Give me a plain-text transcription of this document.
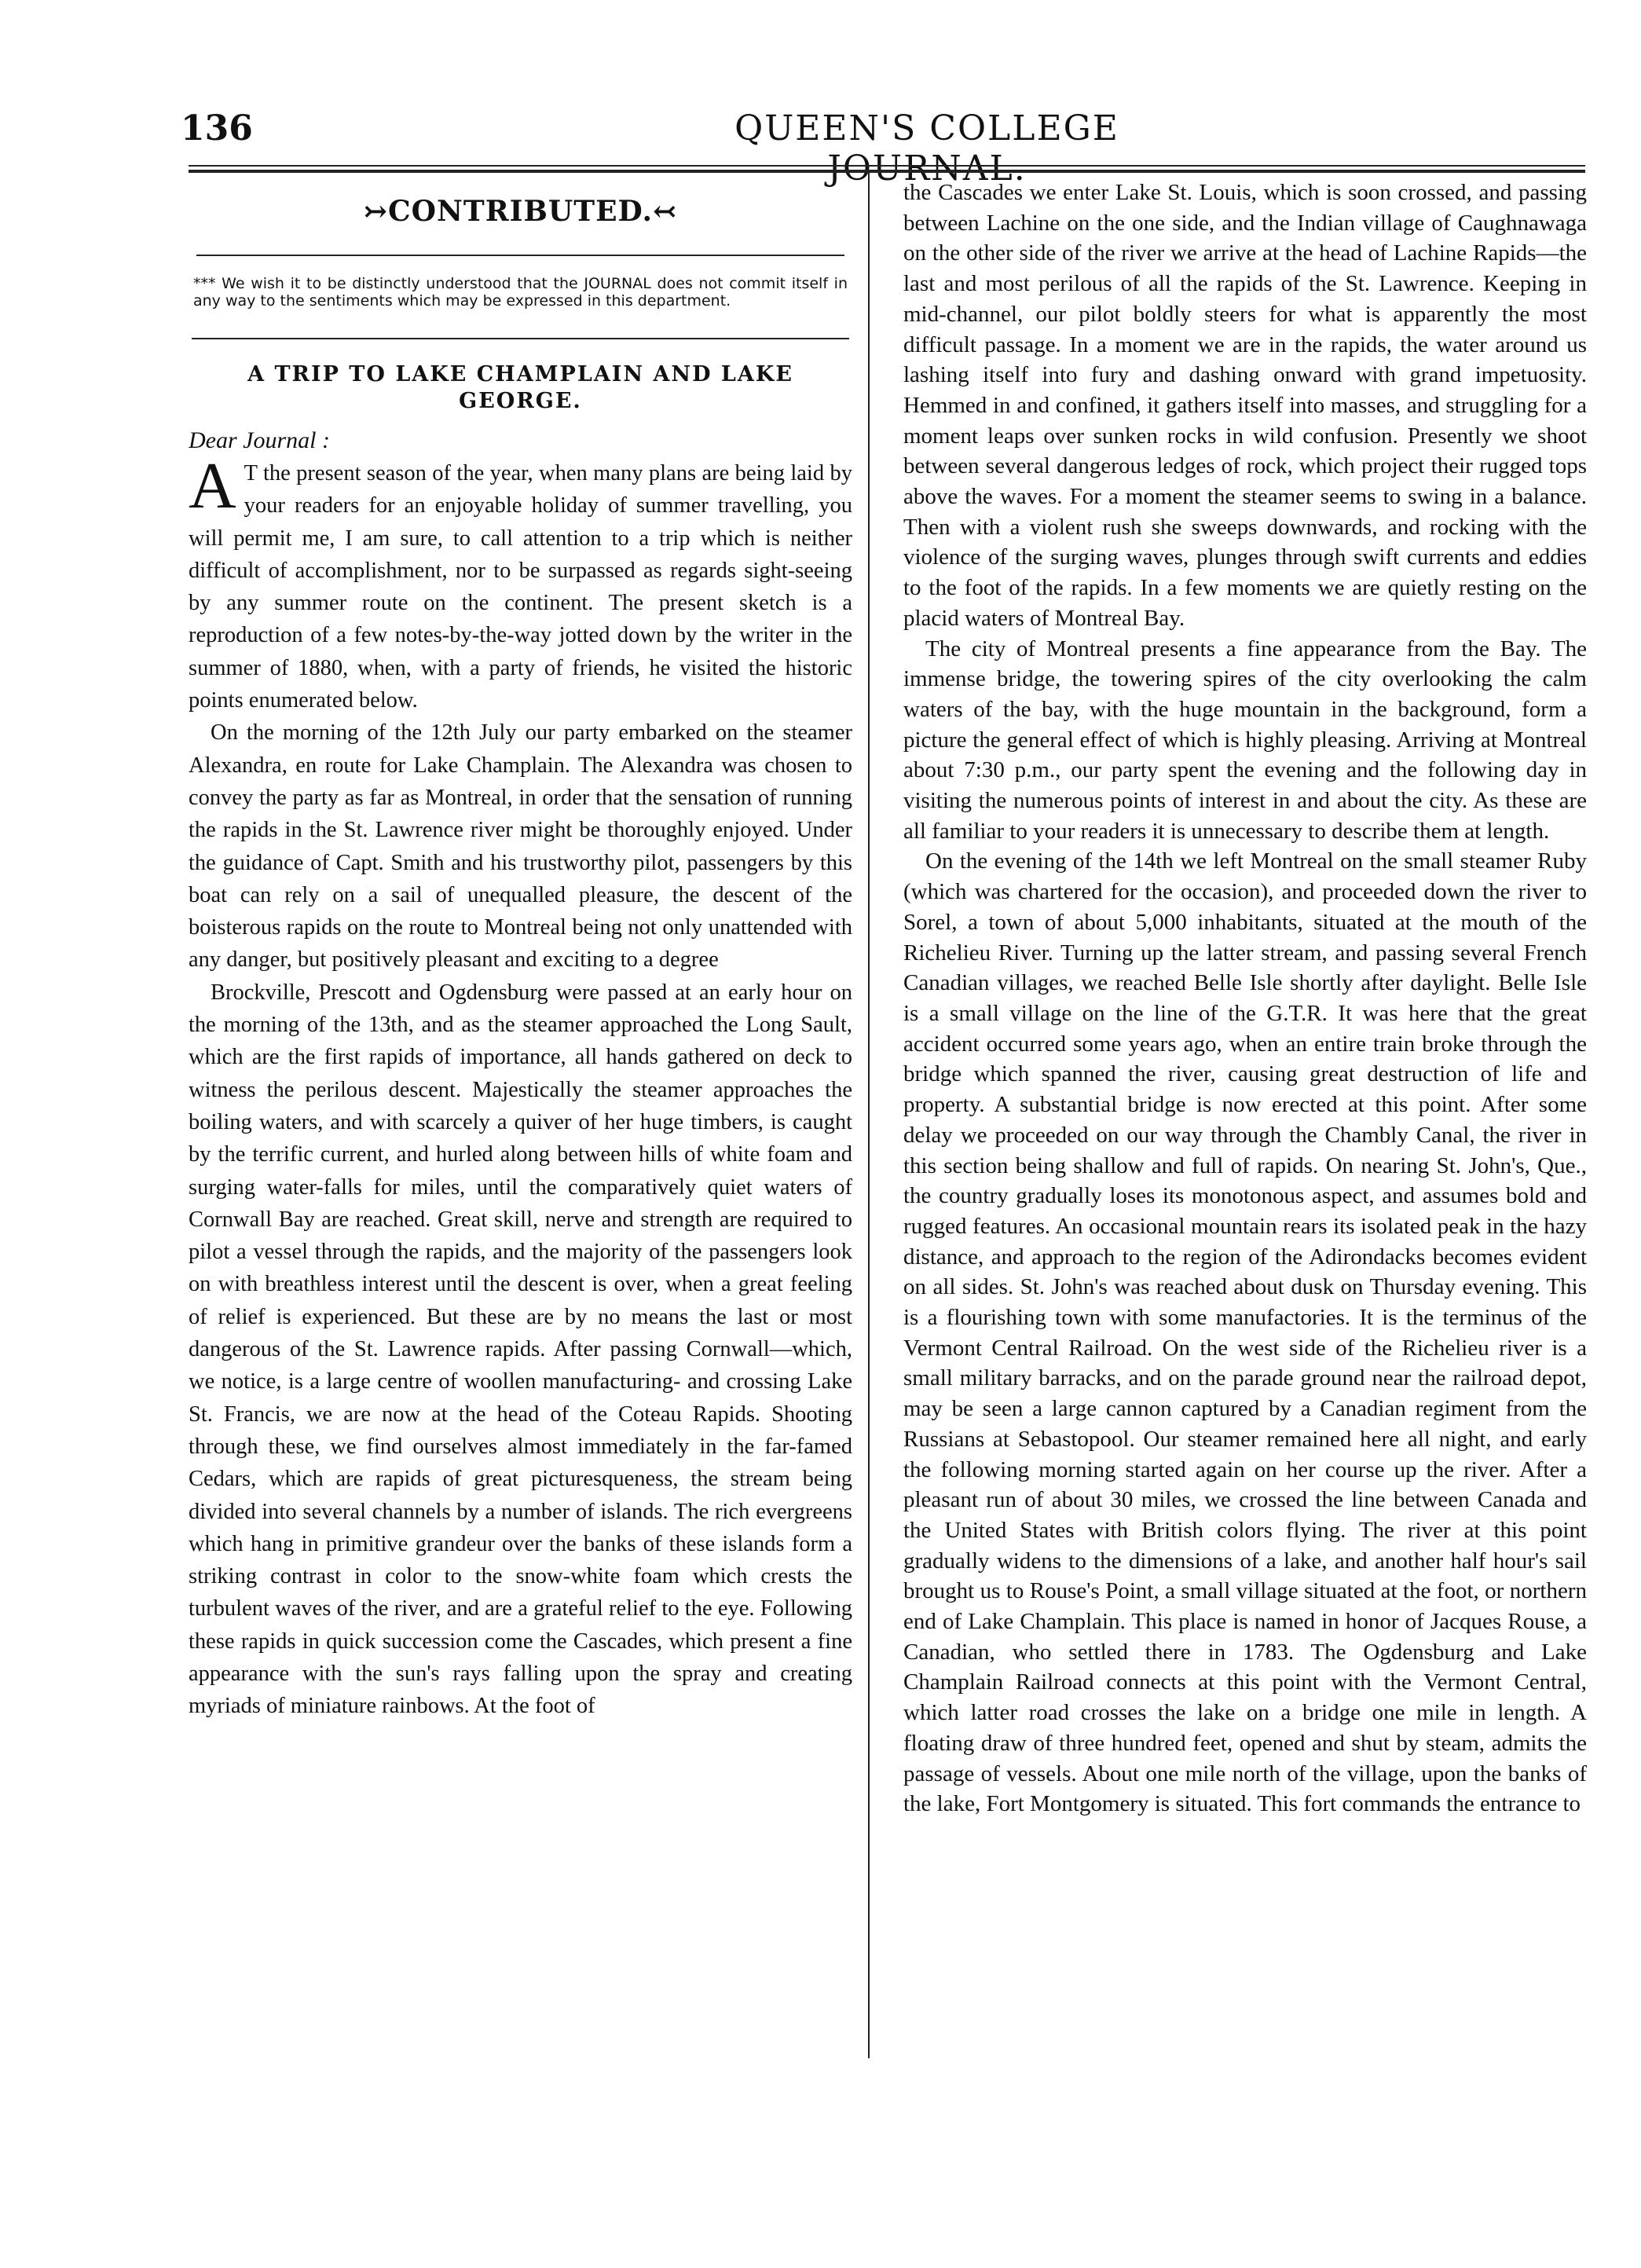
136	QUEEN'S COLLEGE JOURNAL.
↣CONTRIBUTED.↢
*** We wish it to be distinctly understood that the JOURNAL does not commit itself in any way to the sentiments which may be expressed in this department.
A TRIP TO LAKE CHAMPLAIN AND LAKE GEORGE.
Dear Journal :

A T the present season of the year, when many plans are being laid by your readers for an enjoyable holiday of summer travelling, you will permit me, I am sure, to call attention to a trip which is neither difficult of accomplishment, nor to be surpassed as regards sight-seeing by any summer route on the continent. The present sketch is a reproduction of a few notes-by-the-way jotted down by the writer in the summer of 1880, when, with a party of friends, he visited the historic points enumerated below.

On the morning of the 12th July our party embarked on the steamer Alexandra, en route for Lake Champlain. The Alexandra was chosen to convey the party as far as Montreal, in order that the sensation of running the rapids in the St. Lawrence river might be thoroughly enjoyed. Under the guidance of Capt. Smith and his trustworthy pilot, passengers by this boat can rely on a sail of unequalled pleasure, the descent of the boisterous rapids on the route to Montreal being not only unattended with any danger, but positively pleasant and exciting to a degree

Brockville, Prescott and Ogdensburg were passed at an early hour on the morning of the 13th, and as the steamer approached the Long Sault, which are the first rapids of importance, all hands gathered on deck to witness the perilous descent. Majestically the steamer approaches the boiling waters, and with scarcely a quiver of her huge timbers, is caught by the terrific current, and hurled along between hills of white foam and surging water-falls for miles, until the comparatively quiet waters of Cornwall Bay are reached. Great skill, nerve and strength are required to pilot a vessel through the rapids, and the majority of the passengers look on with breathless interest until the descent is over, when a great feeling of relief is experienced. But these are by no means the last or most dangerous of the St. Lawrence rapids. After passing Cornwall—which, we notice, is a large centre of woollen manufacturing- and crossing Lake St. Francis, we are now at the head of the Coteau Rapids. Shooting through these, we find ourselves almost immediately in the far-famed Cedars, which are rapids of great picturesqueness, the stream being divided into several channels by a number of islands. The rich evergreens which hang in primitive grandeur over the banks of these islands form a striking contrast in color to the snow-white foam which crests the turbulent waves of the river, and are a grateful relief to the eye. Following these rapids in quick succession come the Cascades, which present a fine appearance with the sun's rays falling upon the spray and creating myriads of miniature rainbows. At the foot of

the Cascades we enter Lake St. Louis, which is soon crossed, and passing between Lachine on the one side, and the Indian village of Caughnawaga on the other side of the river we arrive at the head of Lachine Rapids—the last and most perilous of all the rapids of the St. Lawrence. Keeping in mid-channel, our pilot boldly steers for what is apparently the most difficult passage. In a moment we are in the rapids, the water around us lashing itself into fury and dashing onward with grand impetuosity. Hemmed in and confined, it gathers itself into masses, and struggling for a moment leaps over sunken rocks in wild confusion. Presently we shoot between several dangerous ledges of rock, which project their rugged tops above the waves. For a moment the steamer seems to swing in a balance. Then with a violent rush she sweeps downwards, and rocking with the violence of the surging waves, plunges through swift currents and eddies to the foot of the rapids. In a few moments we are quietly resting on the placid waters of Montreal Bay.

The city of Montreal presents a fine appearance from the Bay. The immense bridge, the towering spires of the city overlooking the calm waters of the bay, with the huge mountain in the background, form a picture the general effect of which is highly pleasing. Arriving at Montreal about 7:30 p.m., our party spent the evening and the following day in visiting the numerous points of interest in and about the city. As these are all familiar to your readers it is unnecessary to describe them at length.

On the evening of the 14th we left Montreal on the small steamer Ruby (which was chartered for the occasion), and proceeded down the river to Sorel, a town of about 5,000 inhabitants, situated at the mouth of the Richelieu River. Turning up the latter stream, and passing several French Canadian villages, we reached Belle Isle shortly after daylight. Belle Isle is a small village on the line of the G.T.R. It was here that the great accident occurred some years ago, when an entire train broke through the bridge which spanned the river, causing great destruction of life and property. A substantial bridge is now erected at this point. After some delay we proceeded on our way through the Chambly Canal, the river in this section being shallow and full of rapids. On nearing St. John's, Que., the country gradually loses its monotonous aspect, and assumes bold and rugged features. An occasional mountain rears its isolated peak in the hazy distance, and approach to the region of the Adirondacks becomes evident on all sides. St. John's was reached about dusk on Thursday evening. This is a flourishing town with some manufactories. It is the terminus of the Vermont Central Railroad. On the west side of the Richelieu river is a small military barracks, and on the parade ground near the railroad depot, may be seen a large cannon captured by a Canadian regiment from the Russians at Sebastopool. Our steamer remained here all night, and early the following morning started again on her course up the river. After a pleasant run of about 30 miles, we crossed the line between Canada and the United States with British colors flying. The river at this point gradually widens to the dimensions of a lake, and another half hour's sail brought us to Rouse's Point, a small village situated at the foot, or northern end of Lake Champlain. This place is named in honor of Jacques Rouse, a Canadian, who settled there in 1783. The Ogdensburg and Lake Champlain Railroad connects at this point with the Vermont Central, which latter road crosses the lake on a bridge one mile in length. A floating draw of three hundred feet, opened and shut by steam, admits the passage of vessels. About one mile north of the village, upon the banks of the lake, Fort Montgomery is situated. This fort commands the entrance to
